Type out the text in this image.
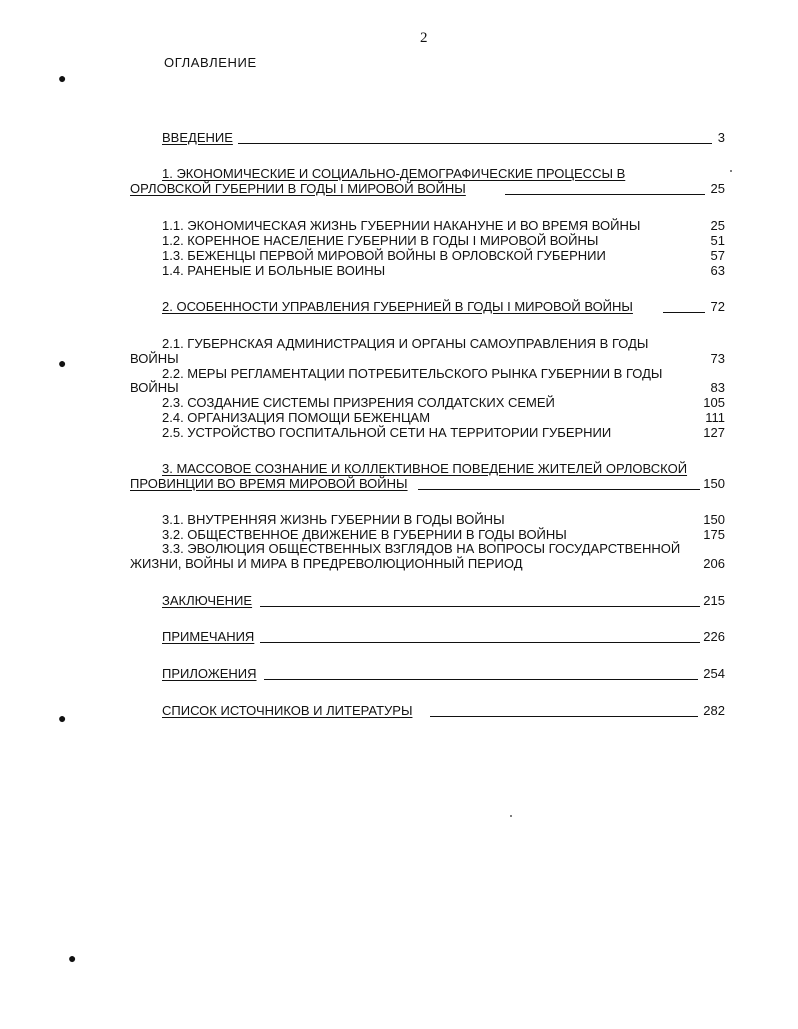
2
ОГЛАВЛЕНИЕ
●
●
●
●
ВВЕДЕНИЕ	3
1. ЭКОНОМИЧЕСКИЕ И СОЦИАЛЬНО-ДЕМОГРАФИЧЕСКИЕ ПРОЦЕССЫ В
ОРЛОВСКОЙ ГУБЕРНИИ В ГОДЫ I МИРОВОЙ ВОЙНЫ	25
1.1. ЭКОНОМИЧЕСКАЯ ЖИЗНЬ ГУБЕРНИИ НАКАНУНЕ И ВО ВРЕМЯ ВОЙНЫ	25
1.2. КОРЕННОЕ НАСЕЛЕНИЕ ГУБЕРНИИ В ГОДЫ I МИРОВОЙ ВОЙНЫ	51
1.3. БЕЖЕНЦЫ ПЕРВОЙ МИРОВОЙ ВОЙНЫ В ОРЛОВСКОЙ ГУБЕРНИИ	57
1.4. РАНЕНЫЕ И БОЛЬНЫЕ ВОИНЫ	63
2. ОСОБЕННОСТИ УПРАВЛЕНИЯ ГУБЕРНИЕЙ В ГОДЫ I МИРОВОЙ ВОЙНЫ	72
2.1. ГУБЕРНСКАЯ АДМИНИСТРАЦИЯ И ОРГАНЫ САМОУПРАВЛЕНИЯ В ГОДЫ
ВОЙНЫ	73
2.2. МЕРЫ РЕГЛАМЕНТАЦИИ ПОТРЕБИТЕЛЬСКОГО РЫНКА ГУБЕРНИИ В ГОДЫ
ВОЙНЫ	83
2.3. СОЗДАНИЕ СИСТЕМЫ ПРИЗРЕНИЯ СОЛДАТСКИХ СЕМЕЙ	105
2.4. ОРГАНИЗАЦИЯ ПОМОЩИ БЕЖЕНЦАМ	111
2.5. УСТРОЙСТВО ГОСПИТАЛЬНОЙ СЕТИ НА ТЕРРИТОРИИ ГУБЕРНИИ	127
3. МАССОВОЕ СОЗНАНИЕ И КОЛЛЕКТИВНОЕ ПОВЕДЕНИЕ ЖИТЕЛЕЙ ОРЛОВСКОЙ
ПРОВИНЦИИ ВО ВРЕМЯ МИРОВОЙ ВОЙНЫ	150
3.1. ВНУТРЕННЯЯ ЖИЗНЬ ГУБЕРНИИ В ГОДЫ ВОЙНЫ	150
3.2. ОБЩЕСТВЕННОЕ ДВИЖЕНИЕ В ГУБЕРНИИ В ГОДЫ ВОЙНЫ	175
3.3. ЭВОЛЮЦИЯ ОБЩЕСТВЕННЫХ ВЗГЛЯДОВ НА ВОПРОСЫ ГОСУДАРСТВЕННОЙ
ЖИЗНИ, ВОЙНЫ И МИРА В ПРЕДРЕВОЛЮЦИОННЫЙ ПЕРИОД	206
ЗАКЛЮЧЕНИЕ	215
ПРИМЕЧАНИЯ	226
ПРИЛОЖЕНИЯ	254
СПИСОК ИСТОЧНИКОВ И ЛИТЕРАТУРЫ	282
